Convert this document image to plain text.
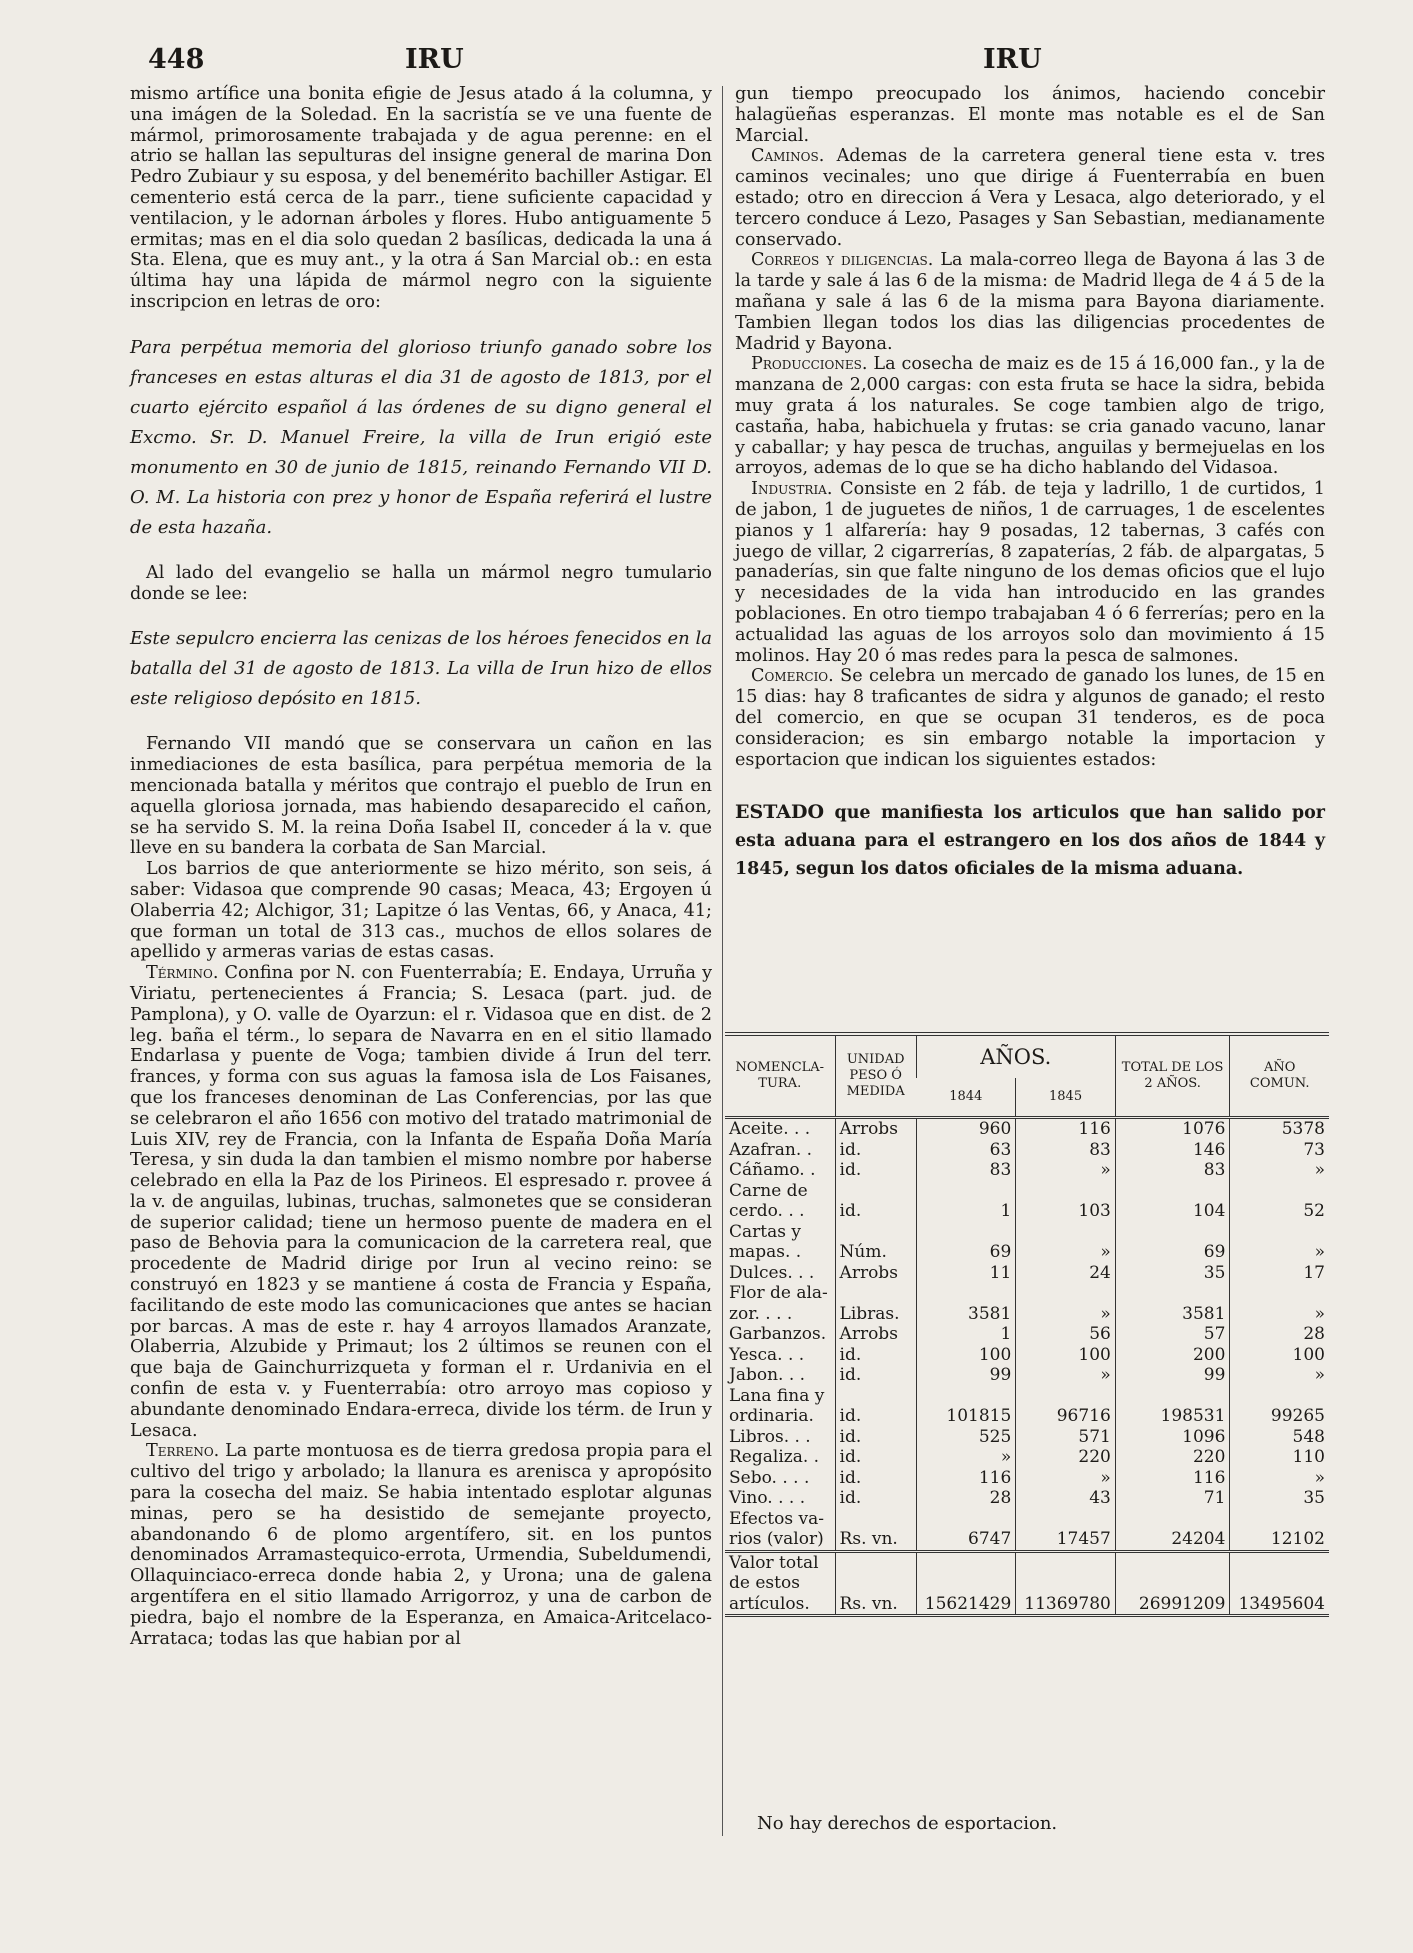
448	IRU	IRU

mismo artífice una bonita efigie de Jesus atado á la columna, y una imágen de la Soledad. En la sacristía se ve una fuente de mármol, primorosamente trabajada y de agua perenne: en el atrio se hallan las sepulturas del insigne general de marina Don Pedro Zubiaur y su esposa, y del benemérito bachiller Astigar. El cementerio está cerca de la parr., tiene suficiente capacidad y ventilacion, y le adornan árboles y flores. Hubo antiguamente 5 ermitas; mas en el dia solo quedan 2 basílicas, dedicada la una á Sta. Elena, que es muy ant., y la otra á San Marcial ob.: en esta última hay una lápida de mármol negro con la siguiente inscripcion en letras de oro:

Para perpétua memoria del glorioso triunfo ganado sobre los franceses en estas alturas el dia 31 de agosto de 1813, por el cuarto ejército español á las órdenes de su digno general el Excmo. Sr. D. Manuel Freire, la villa de Irun erigió este monumento en 30 de junio de 1815, reinando Fernando VII D. O. M. La historia con prez y honor de España referirá el lustre de esta hazaña.

Al lado del evangelio se halla un mármol negro tumulario donde se lee:

Este sepulcro encierra las cenizas de los héroes fenecidos en la batalla del 31 de agosto de 1813. La villa de Irun hizo de ellos este religioso depósito en 1815.

Fernando VII mandó que se conservara un cañon en las inmediaciones de esta basílica, para perpétua memoria de la mencionada batalla y méritos que contrajo el pueblo de Irun en aquella gloriosa jornada, mas habiendo desaparecido el cañon, se ha servido S. M. la reina Doña Isabel II, conceder á la v. que lleve en su bandera la corbata de San Marcial.

Los barrios de que anteriormente se hizo mérito, son seis, á saber: Vidasoa que comprende 90 casas; Meaca, 43; Ergoyen ú Olaberria 42; Alchigor, 31; Lapitze ó las Ventas, 66, y Anaca, 41; que forman un total de 313 cas., muchos de ellos solares de apellido y armeras varias de estas casas.

Término. Confina por N. con Fuenterrabía; E. Endaya, Urruña y Viriatu, pertenecientes á Francia; S. Lesaca (part. jud. de Pamplona), y O. valle de Oyarzun: el r. Vidasoa que en dist. de 2 leg. baña el térm., lo separa de Navarra en en el sitio llamado Endarlasa y puente de Voga; tambien divide á Irun del terr. frances, y forma con sus aguas la famosa isla de Los Faisanes, que los franceses denominan de Las Conferencias, por las que se celebraron el año 1656 con motivo del tratado matrimonial de Luis XIV, rey de Francia, con la Infanta de España Doña María Teresa, y sin duda la dan tambien el mismo nombre por haberse celebrado en ella la Paz de los Pirineos. El espresado r. provee á la v. de anguilas, lubinas, truchas, salmonetes que se consideran de superior calidad; tiene un hermoso puente de madera en el paso de Behovia para la comunicacion de la carretera real, que procedente de Madrid dirige por Irun al vecino reino: se construyó en 1823 y se mantiene á costa de Francia y España, facilitando de este modo las comunicaciones que antes se hacian por barcas. A mas de este r. hay 4 arroyos llamados Aranzate, Olaberria, Alzubide y Primaut; los 2 últimos se reunen con el que baja de Gainchurrizqueta y forman el r. Urdanivia en el confin de esta v. y Fuenterrabía: otro arroyo mas copioso y abundante denominado Endara-erreca, divide los térm. de Irun y Lesaca.

Terreno. La parte montuosa es de tierra gredosa propia para el cultivo del trigo y arbolado; la llanura es arenisca y apropósito para la cosecha del maiz. Se habia intentado esplotar algunas minas, pero se ha desistido de semejante proyecto, abandonando 6 de plomo argentífero, sit. en los puntos denominados Arramastequico-errota, Urmendia, Subeldumendi, Ollaquinciaco-erreca donde habia 2, y Urona; una de galena argentífera en el sitio llamado Arrigorroz, y una de carbon de piedra, bajo el nombre de la Esperanza, en Amaica-Aritcelaco-Arrataca; todas las que habian por al

gun tiempo preocupado los ánimos, haciendo concebir halagüeñas esperanzas. El monte mas notable es el de San Marcial.

Caminos. Ademas de la carretera general tiene esta v. tres caminos vecinales; uno que dirige á Fuenterrabía en buen estado; otro en direccion á Vera y Lesaca, algo deteriorado, y el tercero conduce á Lezo, Pasages y San Sebastian, medianamente conservado.

Correos y diligencias. La mala-correo llega de Bayona á las 3 de la tarde y sale á las 6 de la misma: de Madrid llega de 4 á 5 de la mañana y sale á las 6 de la misma para Bayona diariamente. Tambien llegan todos los dias las diligencias procedentes de Madrid y Bayona.

Producciones. La cosecha de maiz es de 15 á 16,000 fan., y la de manzana de 2,000 cargas: con esta fruta se hace la sidra, bebida muy grata á los naturales. Se coge tambien algo de trigo, castaña, haba, habichuela y frutas: se cria ganado vacuno, lanar y caballar; y hay pesca de truchas, anguilas y bermejuelas en los arroyos, ademas de lo que se ha dicho hablando del Vidasoa.

Industria. Consiste en 2 fáb. de teja y ladrillo, 1 de curtidos, 1 de jabon, 1 de juguetes de niños, 1 de carruages, 1 de escelentes pianos y 1 alfarería: hay 9 posadas, 12 tabernas, 3 cafés con juego de villar, 2 cigarrerías, 8 zapaterías, 2 fáb. de alpargatas, 5 panaderías, sin que falte ninguno de los demas oficios que el lujo y necesidades de la vida han introducido en las grandes poblaciones. En otro tiempo trabajaban 4 ó 6 ferrerías; pero en la actualidad las aguas de los arroyos solo dan movimiento á 15 molinos. Hay 20 ó mas redes para la pesca de salmones.

Comercio. Se celebra un mercado de ganado los lunes, de 15 en 15 dias: hay 8 traficantes de sidra y algunos de ganado; el resto del comercio, en que se ocupan 31 tenderos, es de poca consideracion; es sin embargo notable la importacion y esportacion que indican los siguientes estados:

ESTADO que manifiesta los articulos que han salido por esta aduana para el estrangero en los dos años de 1844 y 1845, segun los datos oficiales de la misma aduana.

NOMENCLA-TURA.	UNIDAD PESO Ó MEDIDA	AÑOS.		TOTAL DE LOS 2 AÑOS.	AÑO COMUN.
		1844	1845		

Aceite. . .	Arrobs	960	116	1076	5378

Azafran. .	id.	63	83	146	73

Cáñamo. .	id.	83	»	83	»

Carne de
cerdo. . .	id.	1	103	104	52

Cartas y
mapas. .	Núm.	69	»	69	»

Dulces. . .	Arrobs	11	24	35	17

Flor de ala-
zor. . . .	Libras.	3581	»	3581	»

Garbanzos.	Arrobs	1	56	57	28

Yesca. . .	id.	100	100	200	100

Jabon. . .	id.	99	»	99	»

Lana fina y
ordinaria.	id.	101815	96716	198531	99265

Libros. . .	id.	525	571	1096	548

Regaliza. .	id.	»	220	220	110

Sebo. . . .	id.	116	»	116	»

Vino. . . .	id.	28	43	71	35

Efectos va-
rios (valor)	Rs. vn.	6747	17457	24204	12102

Valor total
de estos
artículos.	Rs. vn.	15621429	11369780	26991209	13495604
No hay derechos de esportacion.
